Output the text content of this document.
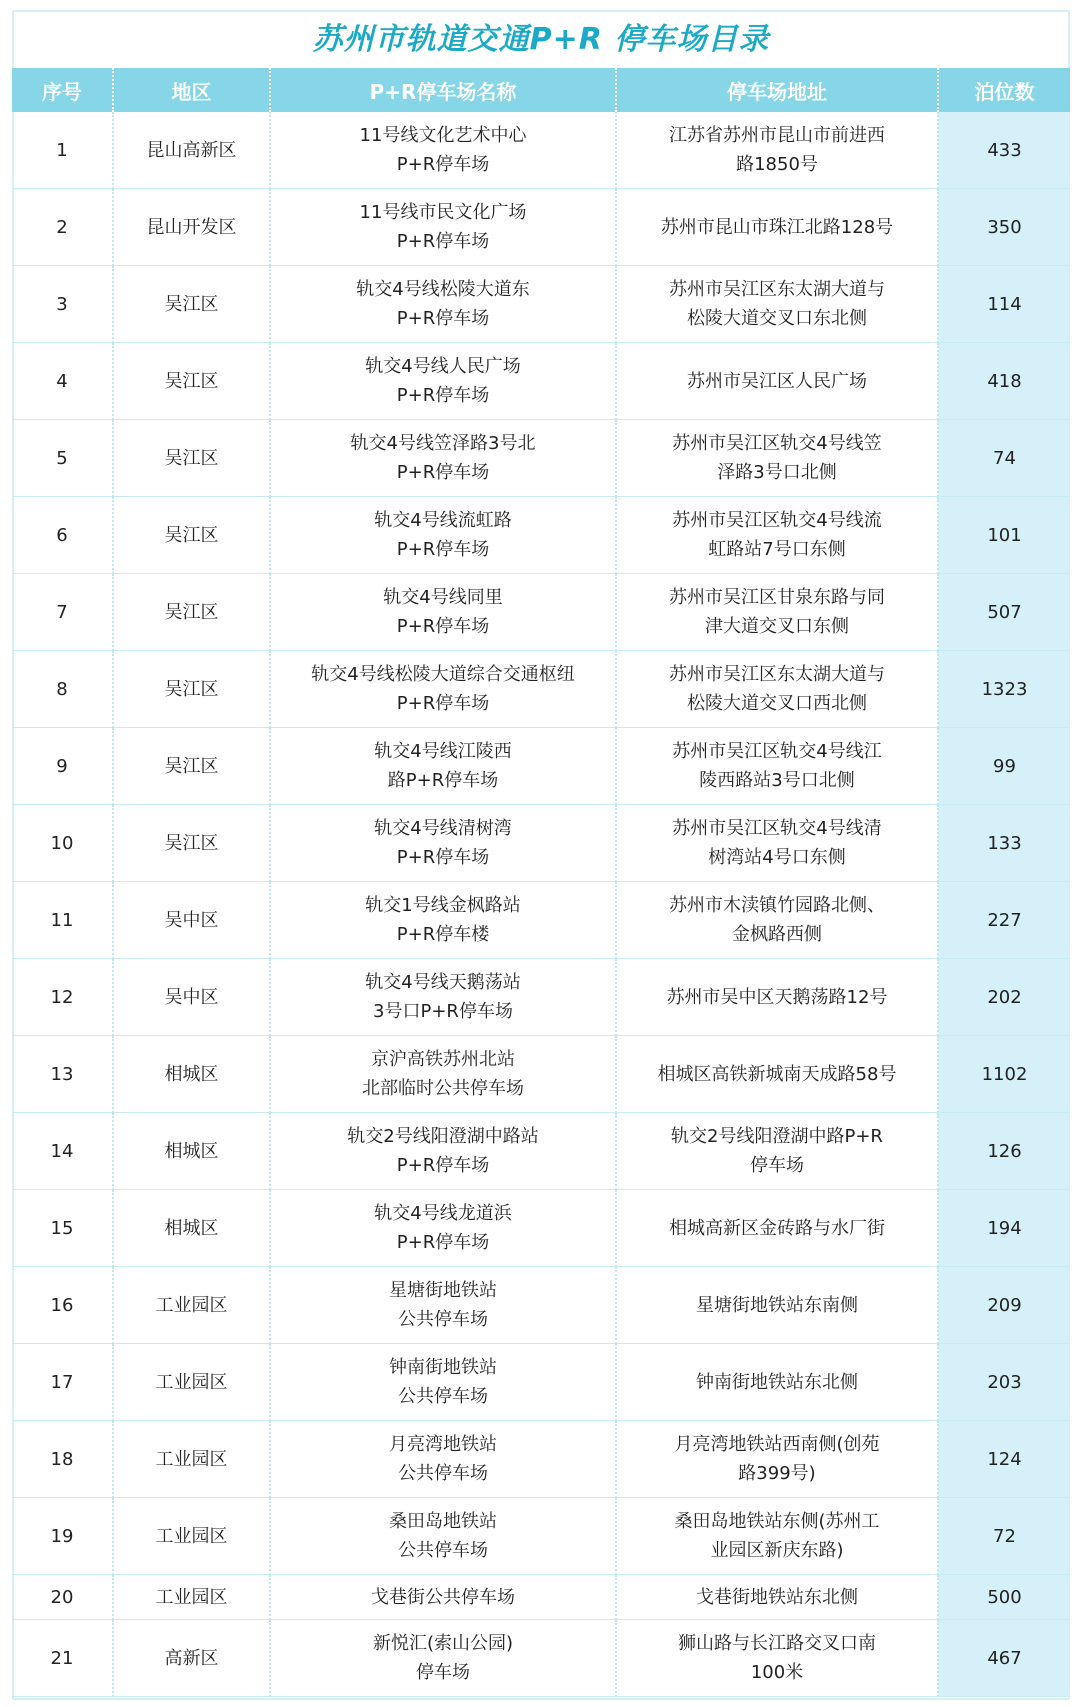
苏州市轨道交通P+R 停车场目录
序号	地区	P+R停车场名称	停车场地址	泊位数
1	昆山高新区	11号线文化艺术中心
P+R停车场	江苏省苏州市昆山市前进西
路1850号	433
2	昆山开发区	11号线市民文化广场
P+R停车场	苏州市昆山市珠江北路128号	350
3	吴江区	轨交4号线松陵大道东
P+R停车场	苏州市吴江区东太湖大道与
松陵大道交叉口东北侧	114
4	吴江区	轨交4号线人民广场
P+R停车场	苏州市吴江区人民广场	418
5	吴江区	轨交4号线笠泽路3号北
P+R停车场	苏州市吴江区轨交4号线笠
泽路3号口北侧	74
6	吴江区	轨交4号线流虹路
P+R停车场	苏州市吴江区轨交4号线流
虹路站7号口东侧	101
7	吴江区	轨交4号线同里
P+R停车场	苏州市吴江区甘泉东路与同
津大道交叉口东侧	507
8	吴江区	轨交4号线松陵大道综合交通枢纽
P+R停车场	苏州市吴江区东太湖大道与
松陵大道交叉口西北侧	1323
9	吴江区	轨交4号线江陵西
路P+R停车场	苏州市吴江区轨交4号线江
陵西路站3号口北侧	99
10	吴江区	轨交4号线清树湾
P+R停车场	苏州市吴江区轨交4号线清
树湾站4号口东侧	133
11	吴中区	轨交1号线金枫路站
P+R停车楼	苏州市木渎镇竹园路北侧、
金枫路西侧	227
12	吴中区	轨交4号线天鹅荡站
3号口P+R停车场	苏州市吴中区天鹅荡路12号	202
13	相城区	京沪高铁苏州北站
北部临时公共停车场	相城区高铁新城南天成路58号	1102
14	相城区	轨交2号线阳澄湖中路站
P+R停车场	轨交2号线阳澄湖中路P+R
停车场	126
15	相城区	轨交4号线龙道浜
P+R停车场	相城高新区金砖路与水厂街	194
16	工业园区	星塘街地铁站
公共停车场	星塘街地铁站东南侧	209
17	工业园区	钟南街地铁站
公共停车场	钟南街地铁站东北侧	203
18	工业园区	月亮湾地铁站
公共停车场	月亮湾地铁站西南侧(创苑
路399号)	124
19	工业园区	桑田岛地铁站
公共停车场	桑田岛地铁站东侧(苏州工
业园区新庆东路)	72
20	工业园区	戈巷街公共停车场	戈巷街地铁站东北侧	500
21	高新区	新悦汇(索山公园)
停车场	狮山路与长江路交叉口南
100米	467
